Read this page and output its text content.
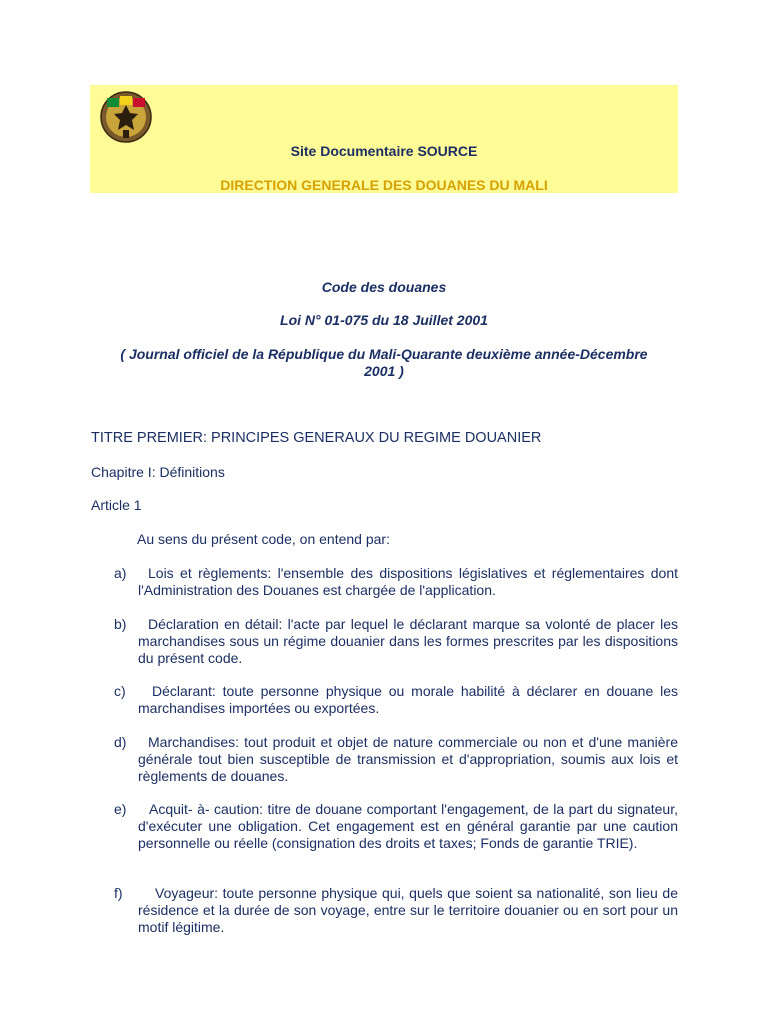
Site Documentaire SOURCE
DIRECTION GENERALE DES DOUANES DU MALI
Code des douanes
Loi N° 01-075 du 18 Juillet 2001
( Journal officiel de la République du Mali-Quarante deuxième année-Décembre
2001 )
TITRE PREMIER: PRINCIPES GENERAUX DU REGIME DOUANIER
Chapitre I: Définitions
Article 1
Au sens du présent code, on entend par:
a)	Lois et règlements: l'ensemble des dispositions législatives et réglementaires dont l'Administration des Douanes est chargée de l'application.
b)	Déclaration en détail: l'acte par lequel le déclarant marque sa volonté de placer les marchandises sous un régime douanier dans les formes prescrites par les dispositions du présent code.
c)	Déclarant: toute personne physique ou morale habilité à déclarer en douane les marchandises importées ou exportées.
d)	Marchandises: tout produit et objet de nature commerciale ou non et d'une manière générale tout bien susceptible de transmission et d'appropriation, soumis aux lois et règlements de douanes.
e)	Acquit- à- caution: titre de douane comportant l'engagement, de la part du signateur, d'exécuter une obligation. Cet engagement est en général garantie par une caution personnelle ou réelle (consignation des droits et taxes; Fonds de garantie TRIE).
f)	Voyageur: toute personne physique qui, quels que soient sa nationalité, son lieu de résidence et la durée de son voyage, entre sur le territoire douanier ou en sort pour un motif légitime.
